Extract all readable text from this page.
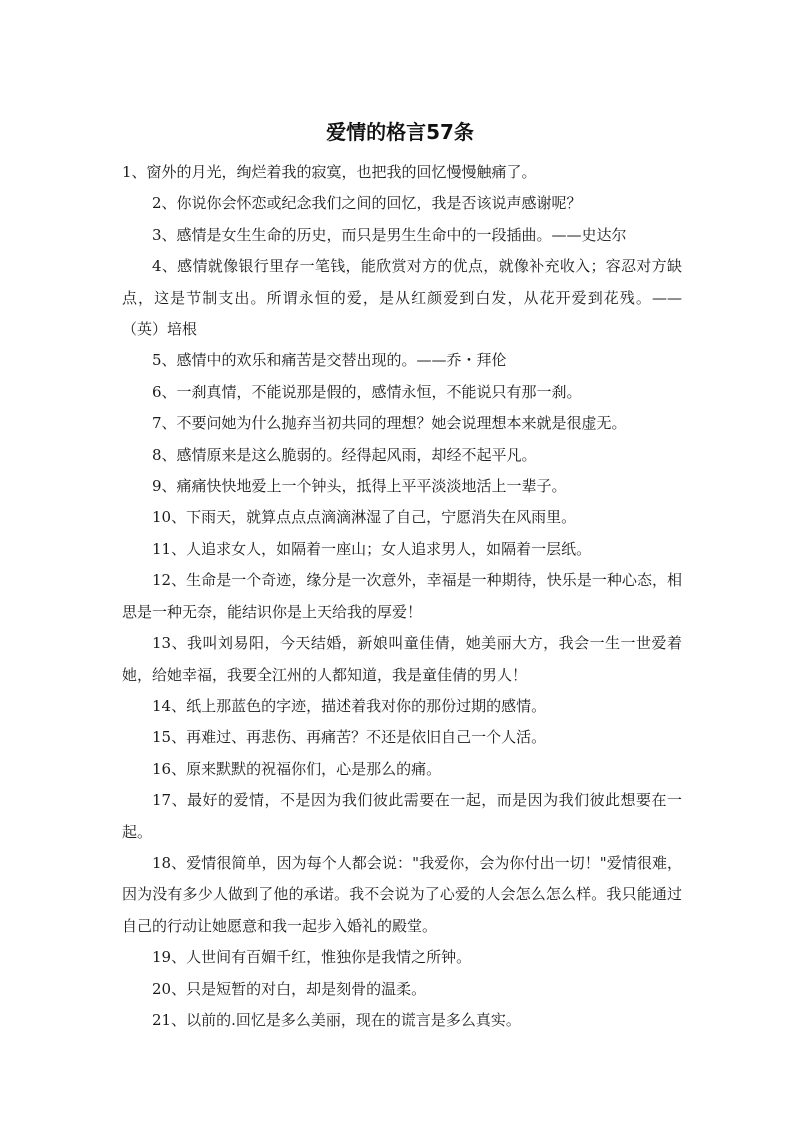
爱情的格言57条

1、窗外的月光，绚烂着我的寂寞，也把我的回忆慢慢触痛了。

2、你说你会怀恋或纪念我们之间的回忆，我是否该说声感谢呢？

3、感情是女生生命的历史，而只是男生生命中的一段插曲。——史达尔

4、感情就像银行里存一笔钱，能欣赏对方的优点，就像补充收入；容忍对方缺点，这是节制支出。所谓永恒的爱，是从红颜爱到白发，从花开爱到花残。——（英）培根

5、感情中的欢乐和痛苦是交替出现的。——乔・拜伦

6、一刹真情，不能说那是假的，感情永恒，不能说只有那一刹。

7、不要问她为什么抛弃当初共同的理想？她会说理想本来就是很虚无。

8、感情原来是这么脆弱的。经得起风雨，却经不起平凡。

9、痛痛快快地爱上一个钟头，抵得上平平淡淡地活上一辈子。

10、下雨天，就算点点点滴滴淋湿了自己，宁愿消失在风雨里。

11、人追求女人，如隔着一座山；女人追求男人，如隔着一层纸。

12、生命是一个奇迹，缘分是一次意外，幸福是一种期待，快乐是一种心态，相思是一种无奈，能结识你是上天给我的厚爱！

13、我叫刘易阳，今天结婚，新娘叫童佳倩，她美丽大方，我会一生一世爱着她，给她幸福，我要全江州的人都知道，我是童佳倩的男人！

14、纸上那蓝色的字迹，描述着我对你的那份过期的感情。

15、再难过、再悲伤、再痛苦？不还是依旧自己一个人活。

16、原来默默的祝福你们，心是那么的痛。

17、最好的爱情，不是因为我们彼此需要在一起，而是因为我们彼此想要在一起。

18、爱情很简单，因为每个人都会说："我爱你，会为你付出一切！"爱情很难，因为没有多少人做到了他的承诺。我不会说为了心爱的人会怎么怎么样。我只能通过自己的行动让她愿意和我一起步入婚礼的殿堂。

19、人世间有百媚千红，惟独你是我情之所钟。

20、只是短暂的对白，却是刻骨的温柔。

21、以前的.回忆是多么美丽，现在的谎言是多么真实。
